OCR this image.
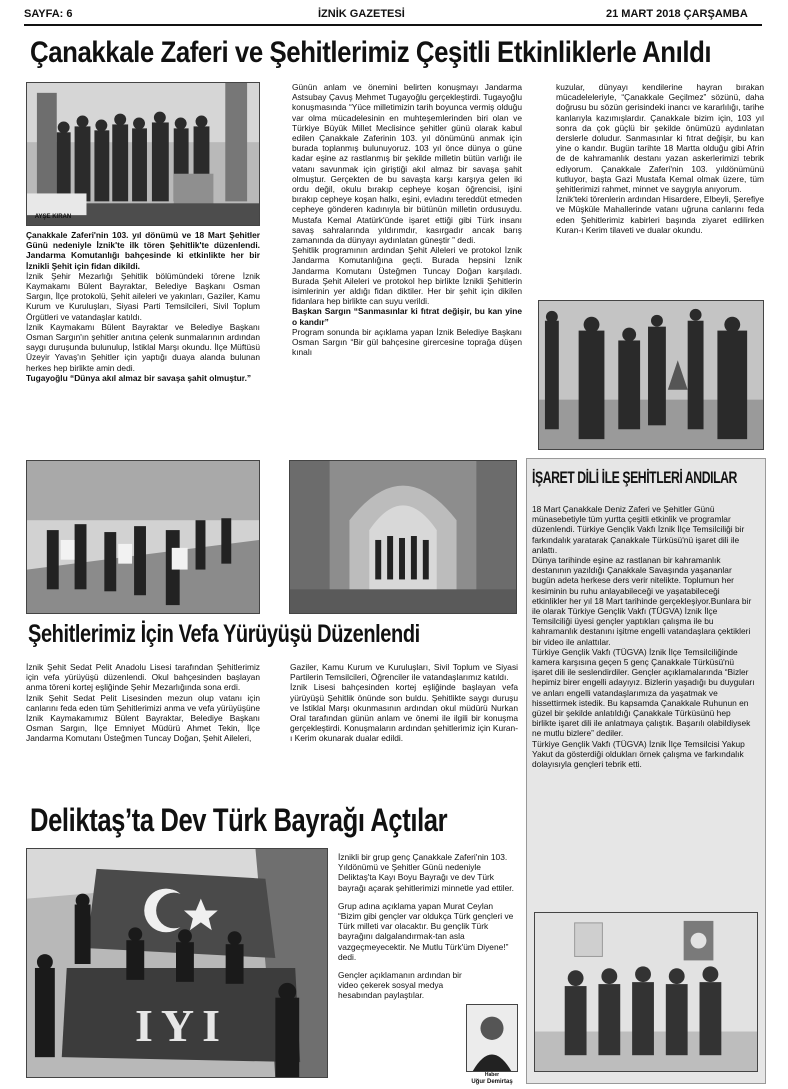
SAYFA: 6	İZNİK GAZETESİ	21 MART 2018 ÇARŞAMBA
Çanakkale Zaferi ve Şehitlerimiz Çeşitli Etkinliklerle Anıldı
AYŞE KIRAN

Çanakkale Zaferi'nin 103. yıl dönümü ve 18 Mart Şehitler Günü nedeniyle İznik'te ilk tören Şehitlik'te düzenlendi. Jandarma Komutanlığı bahçesinde ki etkinlikte her bir İznikli Şehit için fidan dikildi.

İznik Şehir Mezarlığı Şehitlik bölümündeki törene İznik Kaymakamı Bülent Bayraktar, Belediye Başkanı Osman Sargın, İlçe protokolü, Şehit aileleri ve yakınları, Gaziler, Kamu Kurum ve Kuruluşları, Siyasi Parti Temsilcileri, Sivil Toplum Örgütleri ve vatandaşlar katıldı.

İznik Kaymakamı Bülent Bayraktar ve Belediye Başkanı Osman Sargın'ın şehitler anıtına çelenk sunmalarının ardından saygı duruşunda bulunulup, İstiklal Marşı okundu. İlçe Müftüsü Üzeyir Yavaş'ın Şehitler için yaptığı duaya alanda bulunan herkes hep birlikte amin dedi.

Tugayoğlu “Dünya akıl almaz bir savaşa şahit olmuştur.”

Günün anlam ve önemini belirten konuşmayı Jandarma Astsubay Çavuş Mehmet Tugayoğlu gerçekleştirdi. Tugayoğlu konuşmasında “Yüce milletimizin tarih boyunca vermiş olduğu var olma mücadelesinin en muhteşemlerinden biri olan ve Türkiye Büyük Millet Meclisince şehitler günü olarak kabul edilen Çanakkale Zaferinin 103. yıl dönümünü anmak için burada toplanmış bulunuyoruz. 103 yıl önce dünya o güne kadar eşine az rastlanmış bir şekilde milletin bütün varlığı ile vatanı savunmak için giriştiği akıl almaz bir savaşa şahit olmuştur. Gerçekten de bu savaşta karşı karşıya gelen iki ordu değil, okulu bırakıp cepheye koşan öğrencisi, işini bırakıp cepheye koşan halkı, eşini, evladını tereddüt etmeden cepheye gönderen kadınıyla bir bütünün milletin ordusuydu. Mustafa Kemal Atatürk'ünde işaret ettiği gibi Türk insanı savaş sahralarında yıldırımdır, kasırgadır ancak barış zamanında da dünyayı aydınlatan güneştir ” dedi.

Şehitlik programının ardından Şehit Aileleri ve protokol İznik Jandarma Komutanlığına geçti. Burada hepsini İznik Jandarma Komutanı Üsteğmen Tuncay Doğan karşıladı. Burada Şehit Aileleri ve protokol hep birlikte İznikli Şehitlerin isimlerinin yer aldığı fidan diktiler. Her bir şehit için dikilen fidanlara hep birlikte can suyu verildi.

Başkan Sargın “Sanmasınlar ki fıtrat değişir, bu kan yine o kandır”

Program sonunda bir açıklama yapan İznik Belediye Başkanı Osman Sargın “Bir gül bahçesine girercesine toprağa düşen kınalı

kuzular, dünyayı kendilerine hayran bırakan mücadeleleriyle, “Çanakkale Geçilmez” sözünü, daha doğrusu bu sözün gerisindeki inancı ve kararlılığı, tarihe kanlarıyla kazımışlardır. Çanakkale bizim için, 103 yıl sonra da çok güçlü bir şekilde önümüzü aydınlatan derslerle doludur. Sanmasınlar ki fıtrat değişir, bu kan yine o kandır. Bugün tarihte 18 Martta olduğu gibi Afrin de de kahramanlık destanı yazan askerlerimizi tebrik ediyorum. Çanakkale Zaferi'nin 103. yıldönümünü kutluyor, başta Gazi Mustafa Kemal olmak üzere, tüm şehitlerimizi rahmet, minnet ve saygıyla anıyorum.

İznik'teki törenlerin ardından Hisardere, Elbeyli, Şerefiye ve Müşküle Mahallerinde vatanı uğruna canlarını feda eden Şehitlerimiz kabirleri başında ziyaret edilirken Kuran-ı Kerim tilaveti ve dualar okundu.

Şehitlerimiz İçin Vefa Yürüyüşü Düzenlendi

İznik Şehit Sedat Pelit Anadolu Lisesi tarafından Şehitlerimiz için vefa yürüyüşü düzenlendi. Okul bahçesinden başlayan anma töreni kortej eşliğinde Şehir Mezarlığında sona erdi.

İznik Şehit Sedat Pelit Lisesinden mezun olup vatanı için canlarını feda eden tüm Şehitlerimizi anma ve vefa yürüyüşüne İznik Kaymakamımız Bülent Bayraktar, Belediye Başkanı Osman Sargın, İlçe Emniyet Müdürü Ahmet Tekin, İlçe Jandarma Komutanı Üsteğmen Tuncay Doğan, Şehit Aileleri,

Gaziler, Kamu Kurum ve Kuruluşları, Sivil Toplum ve Siyasi Partilerin Temsilcileri, Öğrenciler ile vatandaşlarımız katıldı.

İznik Lisesi bahçesinden kortej eşliğinde başlayan vefa yürüyüşü Şehitlik önünde son buldu. Şehitlikte saygı duruşu ve İstiklal Marşı okunmasının ardından okul müdürü Nurkan Oral tarafından günün anlam ve önemi ile ilgili bir konuşma gerçekleştirdi. Konuşmaların ardından şehitlerimiz için Kuran-ı Kerim okunarak dualar edildi.

Deliktaş’ta Dev Türk Bayrağı Açtılar
IYI

İznikli bir grup genç Çanakkale Zaferi'nin 103. Yıldönümü ve Şehitler Günü nedeniyle Deliktaş'ta Kayı Boyu Bayrağı ve dev Türk bayrağı açarak şehitlerimizi minnetle yad ettiler.

Grup adına açıklama yapan Murat Ceylan “Bizim gibi gençler var oldukça Türk gençleri ve Türk milleti var olacaktır. Bu gençlik Türk bayrağını dalgalandırmak-tan asla vazgeçmeyecektir. Ne Mutlu Türk'üm Diyene!” dedi.

Gençler açıklamanın ardından bir video çekerek sosyal medya hesabından paylaştılar.

Haber
Uğur Demirtaş
İŞARET DİLİ İLE ŞEHİTLERİ ANDILAR

18 Mart Çanakkale Deniz Zaferi ve Şehitler Günü münasebetiyle tüm yurtta çeşitli etkinlik ve programlar düzenlendi. Türkiye Gençlik Vakfı İznik İlçe Temsilciliği bir farkındalık yaratarak Çanakkale Türküsü'nü işaret dili ile anlattı.

Dünya tarihinde eşine az rastlanan bir kahramanlık destanının yazıldığı Çanakkale Savaşında yaşananlar bugün adeta herkese ders verir nitelikte. Toplumun her kesiminin bu ruhu anlayabileceği ve yaşatabileceği etkinlikler her yıl 18 Mart tarihinde gerçekleşiyor.Bunlara bir ile olarak Türkiye Gençlik Vakfı (TÜGVA) İznik İlçe Temsilciliği üyesi gençler yaptıkları çalışma ile bu kahramanlık destanını işitme engelli vatandaşlara çektikleri bir video ile anlattılar.

Türkiye Gençlik Vakfı (TÜGVA) İznik İlçe Temsilciliğinde kamera karşısına geçen 5 genç Çanakkale Türküsü'nü işaret dili ile seslendirdiler. Gençler açıklamalarında “Bizler hepimiz birer engelli adayıyız. Bizlerin yaşadığı bu duyguları ve anları engelli vatandaşlarımıza da yaşatmak ve hissettirmek istedik. Bu kapsamda Çanakkale Ruhunun en güzel bir şekilde anlatıldığı Çanakkale Türküsünü hep birlikte işaret dili ile anlatmaya çalıştık. Başarılı olabildiysek ne mutlu bizlere” dediler.

Türkiye Gençlik Vakfı (TÜGVA) İznik İlçe Temsilcisi Yakup Yakut da gösterdiği oldukları örnek çalışma ve farkındalık dolayısıyla gençleri tebrik etti.
